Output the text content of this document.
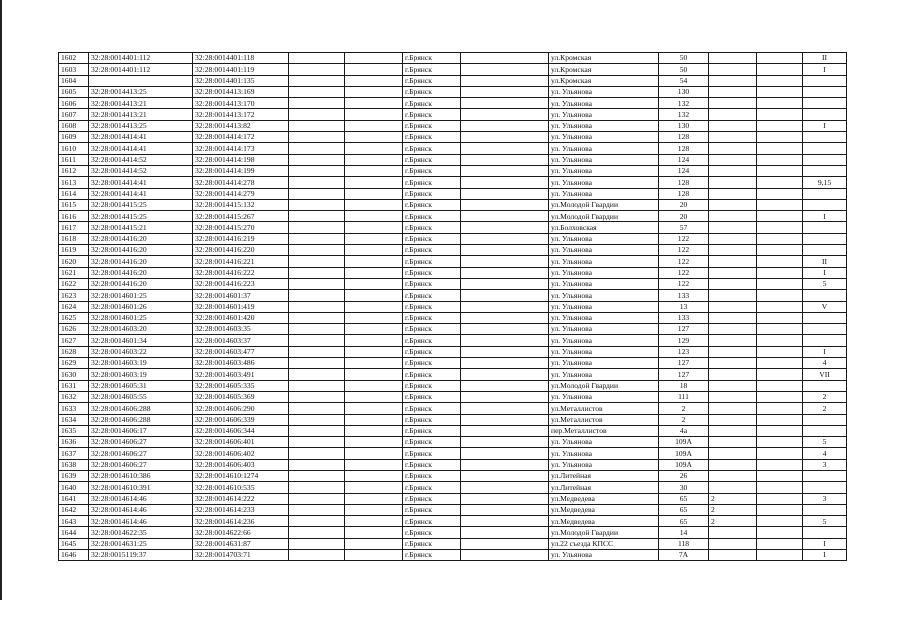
1602	32:28:0014401:112	32:28:0014401:118			г.Брянск		ул.Кромская	50			II
1603	32:28:0014401:112	32:28:0014401:119			г.Брянск		ул.Кромская	50			I
1604		32:28:0014401:135			г.Брянск		ул.Кромская	54			
1605	32:28:0014413:25	32:28:0014413:169			г.Брянск		ул. Ульянова	130			
1606	32:28:0014413:21	32:28:0014413:170			г.Брянск		ул. Ульянова	132			
1607	32:28:0014413:21	32:28:0014413:172			г.Брянск		ул. Ульянова	132			
1608	32:28:0014413:25	32:28:0014413:82			г.Брянск		ул. Ульянова	130			I
1609	32:28:0014414:41	32:28:0014414:172			г.Брянск		ул. Ульянова	128			
1610	32:28:0014414:41	32:28:0014414:173			г.Брянск		ул. Ульянова	128			
1611	32:28:0014414:52	32:28:0014414:198			г.Брянск		ул. Ульянова	124			
1612	32:28:0014414:52	32:28:0014414:199			г.Брянск		ул. Ульянова	124			
1613	32:28:0014414:41	32:28:0014414:278			г.Брянск		ул. Ульянова	128			9,15
1614	32:28:0014414:41	32:28:0014414:279			г.Брянск		ул. Ульянова	128			
1615	32:28:0014415:25	32:28:0014415:132			г.Брянск		ул.Молодой Гвардии	20			
1616	32:28:0014415:25	32:28:0014415:267			г.Брянск		ул.Молодой Гвардии	20			I
1617	32:28:0014415:21	32:28:0014415:270			г.Брянск		ул.Болховская	57			
1618	32:28:0014416:20	32:28:0014416:219			г.Брянск		ул. Ульянова	122			
1619	32:28:0014416:20	32:28:0014416:220			г.Брянск		ул. Ульянова	122			
1620	32:28:0014416:20	32:28:0014416:221			г.Брянск		ул. Ульянова	122			II
1621	32:28:0014416:20	32:28:0014416:222			г.Брянск		ул. Ульянова	122			I
1622	32:28:0014416:20	32:28:0014416:223			г.Брянск		ул. Ульянова	122			5
1623	32:28:0014601:25	32:28:0014601:37			г.Брянск		ул. Ульянова	133			
1624	32:28:0014601:26	32:28:0014601:419			г.Брянск		ул. Ульянова	13			V
1625	32:28:0014601:25	32:28:0014601:420			г.Брянск		ул. Ульянова	133			
1626	32:28:0014603:20	32:28:0014603:35			г.Брянск		ул. Ульянова	127			
1627	32:28:0014601:34	32:28:0014603:37			г.Брянск		ул. Ульянова	129			
1628	32:28:0014603:22	32:28:0014603:477			г.Брянск		ул. Ульянова	123			I
1629	32:28:0014603:19	32:28:0014603:486			г.Брянск		ул. Ульянова	127			4
1630	32:28:0014603:19	32:28:0014603:491			г.Брянск		ул. Ульянова	127			VII
1631	32:28:0014605:31	32:28:0014605:335			г.Брянск		ул.Молодой Гвардии	18			
1632	32:28:0014605:55	32:28:0014605:369			г.Брянск		ул. Ульянова	111			2
1633	32:28:0014606:288	32:28:0014606:290			г.Брянск		ул.Металлистов	2			2
1634	32:28:0014606:288	32:28:0014606:339			г.Брянск		ул.Металлистов	2			
1635	32:28:0014606:17	32:28:0014606:344			г.Брянск		пер.Металлистов	4а			
1636	32:28:0014606:27	32:28:0014606:401			г.Брянск		ул. Ульянова	109А			5
1637	32:28:0014606:27	32:28:0014606:402			г.Брянск		ул. Ульянова	109А			4
1638	32:28:0014606:27	32:28:0014606:403			г.Брянск		ул. Ульянова	109А			3
1639	32:28:0014610:386	32:28:0014610:1274			г.Брянск		ул.Литейная	26			
1640	32:28:0014610:391	32:28:0014610:535			г.Брянск		ул.Литейная	30			
1641	32:28:0014614:46	32:28:0014614:222			г.Брянск		ул.Медведева	65	2		3
1642	32:28:0014614:46	32:28:0014614:233			г.Брянск		ул.Медведева	65	2		
1643	32:28:0014614:46	32:28:0014614:236			г.Брянск		ул.Медведева	65	2		5
1644	32:28:0014622:35	32:28:0014622:66			г.Брянск		ул.Молодой Гвардии	14			
1645	32:28:0014631:25	32:28:0014631:87			г.Брянск		ул.22 съезда КПСС	118			I
1646	32:28:0015119:37	32:28:0014703:71			г.Брянск		ул. Ульянова	7А			I
